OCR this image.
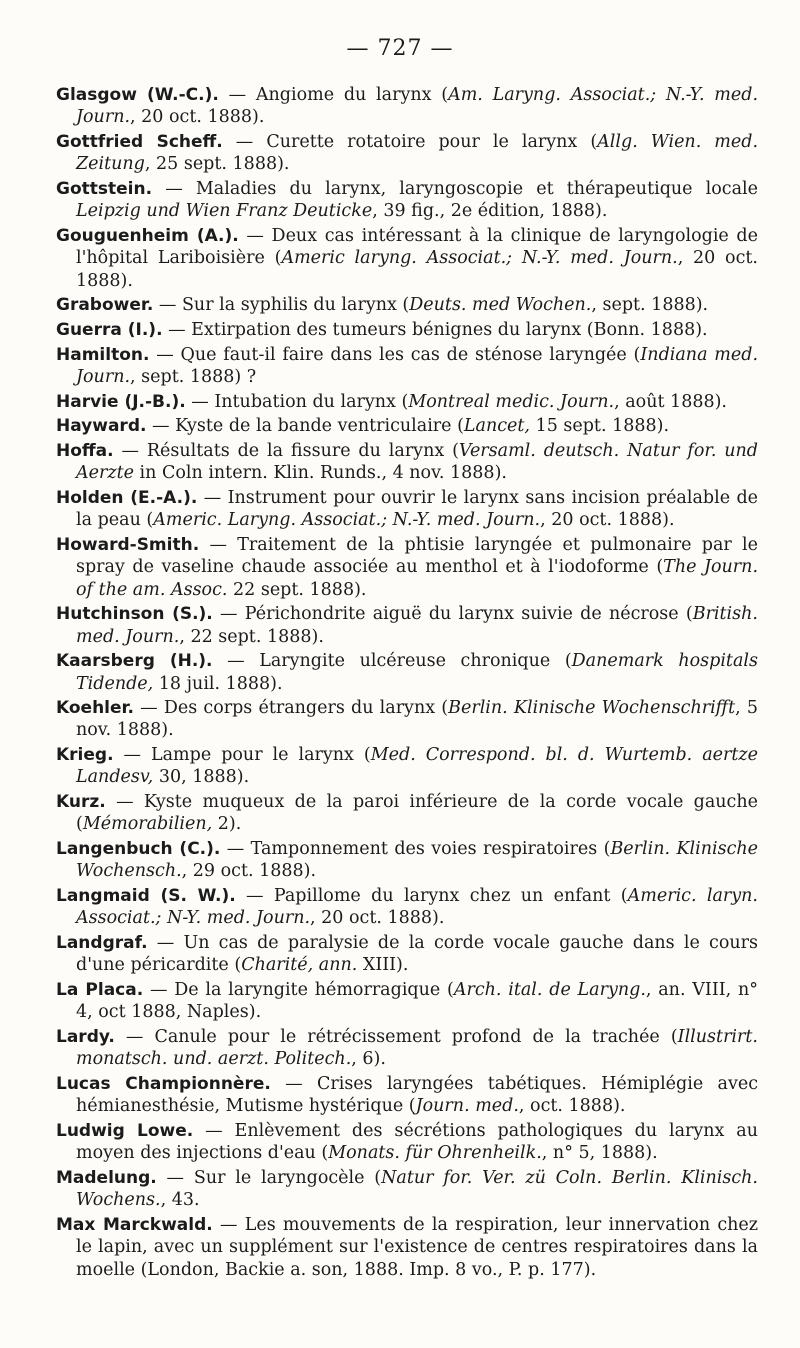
— 727 —

Glasgow (W.-C.). — Angiome du larynx (Am. Laryng. Associat.; N.-Y. med. Journ., 20 oct. 1888).

Gottfried Scheff. — Curette rotatoire pour le larynx (Allg. Wien. med. Zeitung, 25 sept. 1888).

Gottstein. — Maladies du larynx, laryngoscopie et thérapeutique locale Leipzig und Wien Franz Deuticke, 39 fig., 2e édition, 1888).

Gouguenheim (A.). — Deux cas intéressant à la clinique de laryngologie de l'hôpital Lariboisière (Americ laryng. Associat.; N.-Y. med. Journ., 20 oct. 1888).

Grabower. — Sur la syphilis du larynx (Deuts. med Wochen., sept. 1888).

Guerra (I.). — Extirpation des tumeurs bénignes du larynx (Bonn. 1888).

Hamilton. — Que faut-il faire dans les cas de sténose laryngée (Indiana med. Journ., sept. 1888) ?

Harvie (J.-B.). — Intubation du larynx (Montreal medic. Journ., août 1888).

Hayward. — Kyste de la bande ventriculaire (Lancet, 15 sept. 1888).

Hoffa. — Résultats de la fissure du larynx (Versaml. deutsch. Natur for. und Aerzte in Coln intern. Klin. Runds., 4 nov. 1888).

Holden (E.-A.). — Instrument pour ouvrir le larynx sans incision préalable de la peau (Americ. Laryng. Associat.; N.-Y. med. Journ., 20 oct. 1888).

Howard-Smith. — Traitement de la phtisie laryngée et pulmonaire par le spray de vaseline chaude associée au menthol et à l'iodoforme (The Journ. of the am. Assoc. 22 sept. 1888).

Hutchinson (S.). — Périchondrite aiguë du larynx suivie de nécrose (British. med. Journ., 22 sept. 1888).

Kaarsberg (H.). — Laryngite ulcéreuse chronique (Danemark hospitals Tidende, 18 juil. 1888).

Koehler. — Des corps étrangers du larynx (Berlin. Klinische Wochenschrifft, 5 nov. 1888).

Krieg. — Lampe pour le larynx (Med. Correspond. bl. d. Wurtemb. aertze Landesv, 30, 1888).

Kurz. — Kyste muqueux de la paroi inférieure de la corde vocale gauche (Mémorabilien, 2).

Langenbuch (C.). — Tamponnement des voies respiratoires (Berlin. Klinische Wochensch., 29 oct. 1888).

Langmaid (S. W.). — Papillome du larynx chez un enfant (Americ. laryn. Associat.; N-Y. med. Journ., 20 oct. 1888).

Landgraf. — Un cas de paralysie de la corde vocale gauche dans le cours d'une péricardite (Charité, ann. XIII).

La Placa. — De la laryngite hémorragique (Arch. ital. de Laryng., an. VIII, n° 4, oct 1888, Naples).

Lardy. — Canule pour le rétrécissement profond de la trachée (Illustrirt. monatsch. und. aerzt. Politech., 6).

Lucas Championnère. — Crises laryngées tabétiques. Hémiplégie avec hémianesthésie, Mutisme hystérique (Journ. med., oct. 1888).

Ludwig Lowe. — Enlèvement des sécrétions pathologiques du larynx au moyen des injections d'eau (Monats. für Ohrenheilk., n° 5, 1888).

Madelung. — Sur le laryngocèle (Natur for. Ver. zü Coln. Berlin. Klinisch. Wochens., 43.

Max Marckwald. — Les mouvements de la respiration, leur innervation chez le lapin, avec un supplément sur l'existence de centres respiratoires dans la moelle (London, Backie a. son, 1888. Imp. 8 vo., P. p. 177).
